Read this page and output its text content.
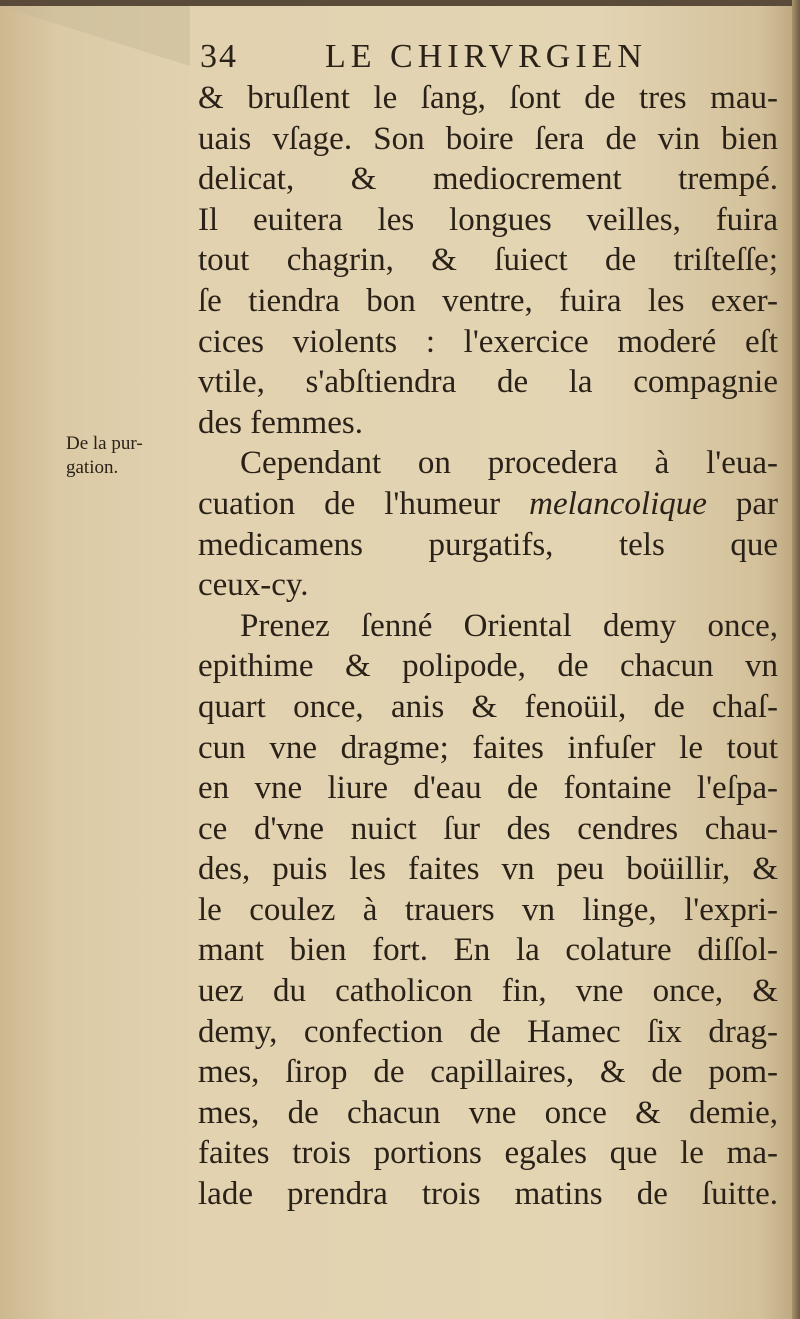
34	LE CHIRVRGIEN
De la pur-
gation.
& bruſlent le ſang, ſont de tres mau-
uais vſage. Son boire ſera de vin bien
delicat, & mediocrement trempé.
Il euitera les longues veilles, fuira
tout chagrin, & ſuiect de triſteſſe;
ſe tiendra bon ventre, fuira les exer-
cices violents : l'exercice moderé eſt
vtile, s'abſtiendra de la compagnie
des femmes.
Cependant on procedera à l'eua-
cuation de l'humeur melancolique par
medicamens purgatifs, tels que
ceux-cy.
Prenez ſenné Oriental demy once,
epithime & polipode, de chacun vn
quart once, anis & fenoüil, de chaſ-
cun vne dragme; faites infuſer le tout
en vne liure d'eau de fontaine l'eſpa-
ce d'vne nuict ſur des cendres chau-
des, puis les faites vn peu boüillir, &
le coulez à trauers vn linge, l'expri-
mant bien fort. En la colature diſſol-
uez du catholicon fin, vne once, &
demy, confection de Hamec ſix drag-
mes, ſirop de capillaires, & de pom-
mes, de chacun vne once & demie,
faites trois portions egales que le ma-
lade prendra trois matins de ſuitte.
